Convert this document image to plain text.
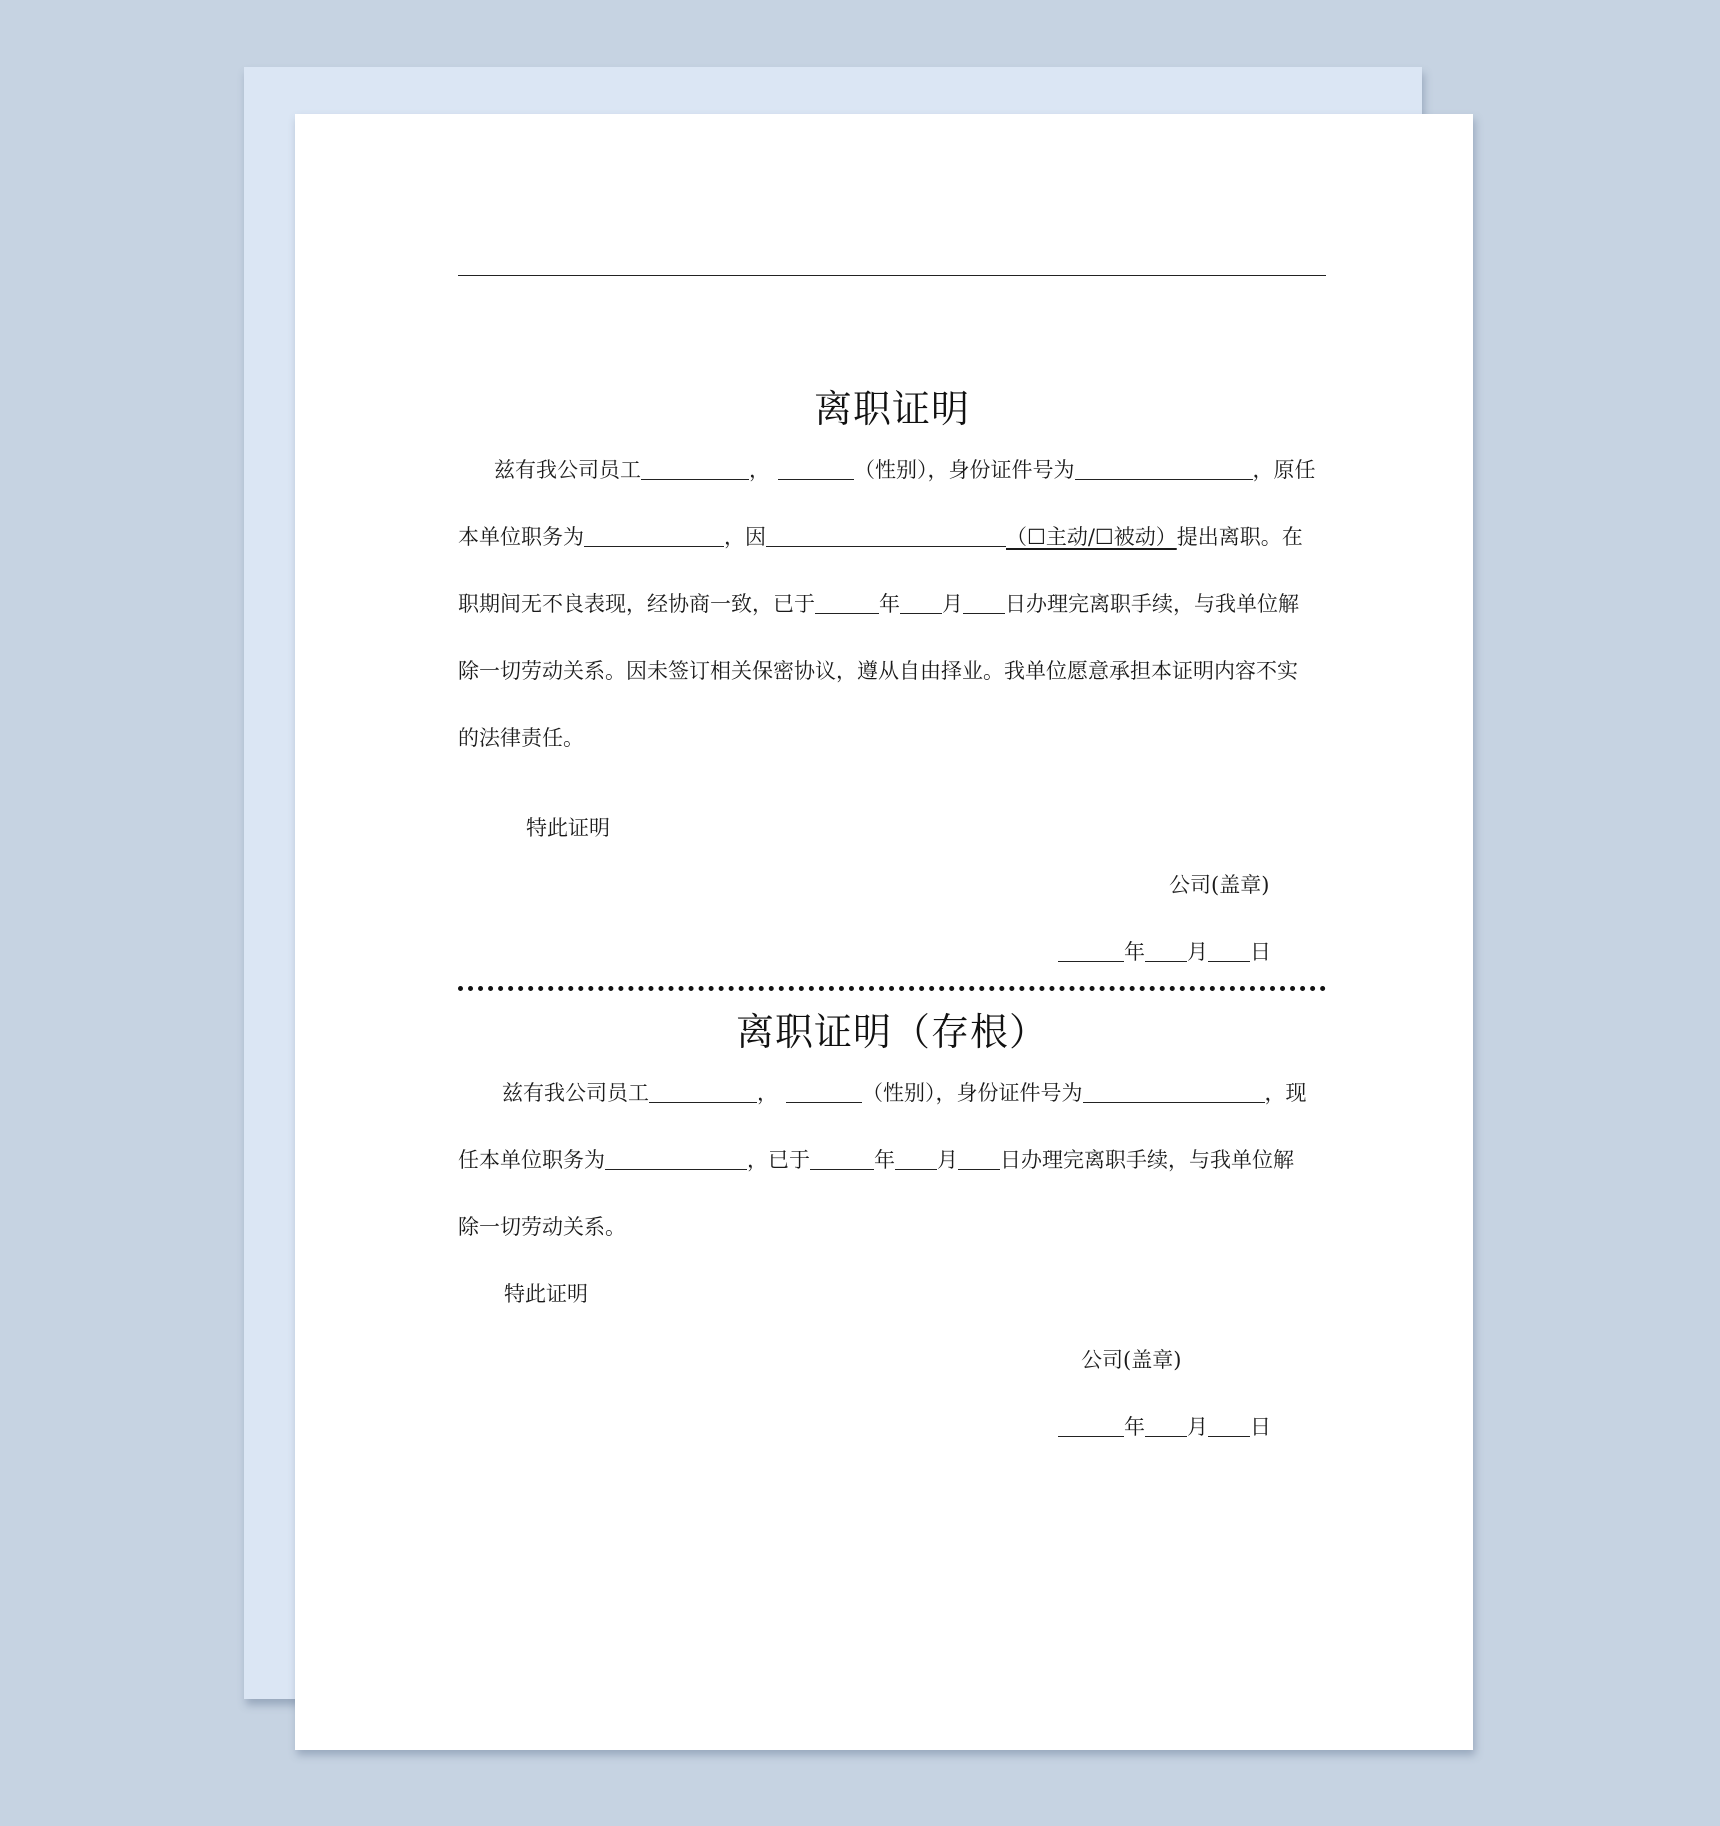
离职证明
兹有我公司员工	，	（性别），身份证件号为	，原任
本单位职务为	，因	（☐主动/☐被动）提出离职。在
职期间无不良表现，经协商一致，已于	年 月 日办理完离职手续，与我单位解
除一切劳动关系。因未签订相关保密协议，遵从自由择业。我单位愿意承担本证明内容不实
的法律责任。
特此证明
公司(盖章)
年 月 日
离职证明（存根）
兹有我公司员工	，	（性别），身份证件号为	，现
任本单位职务为	，已于	年 月 日办理完离职手续，与我单位解
除一切劳动关系。
特此证明
公司(盖章)
年 月 日
